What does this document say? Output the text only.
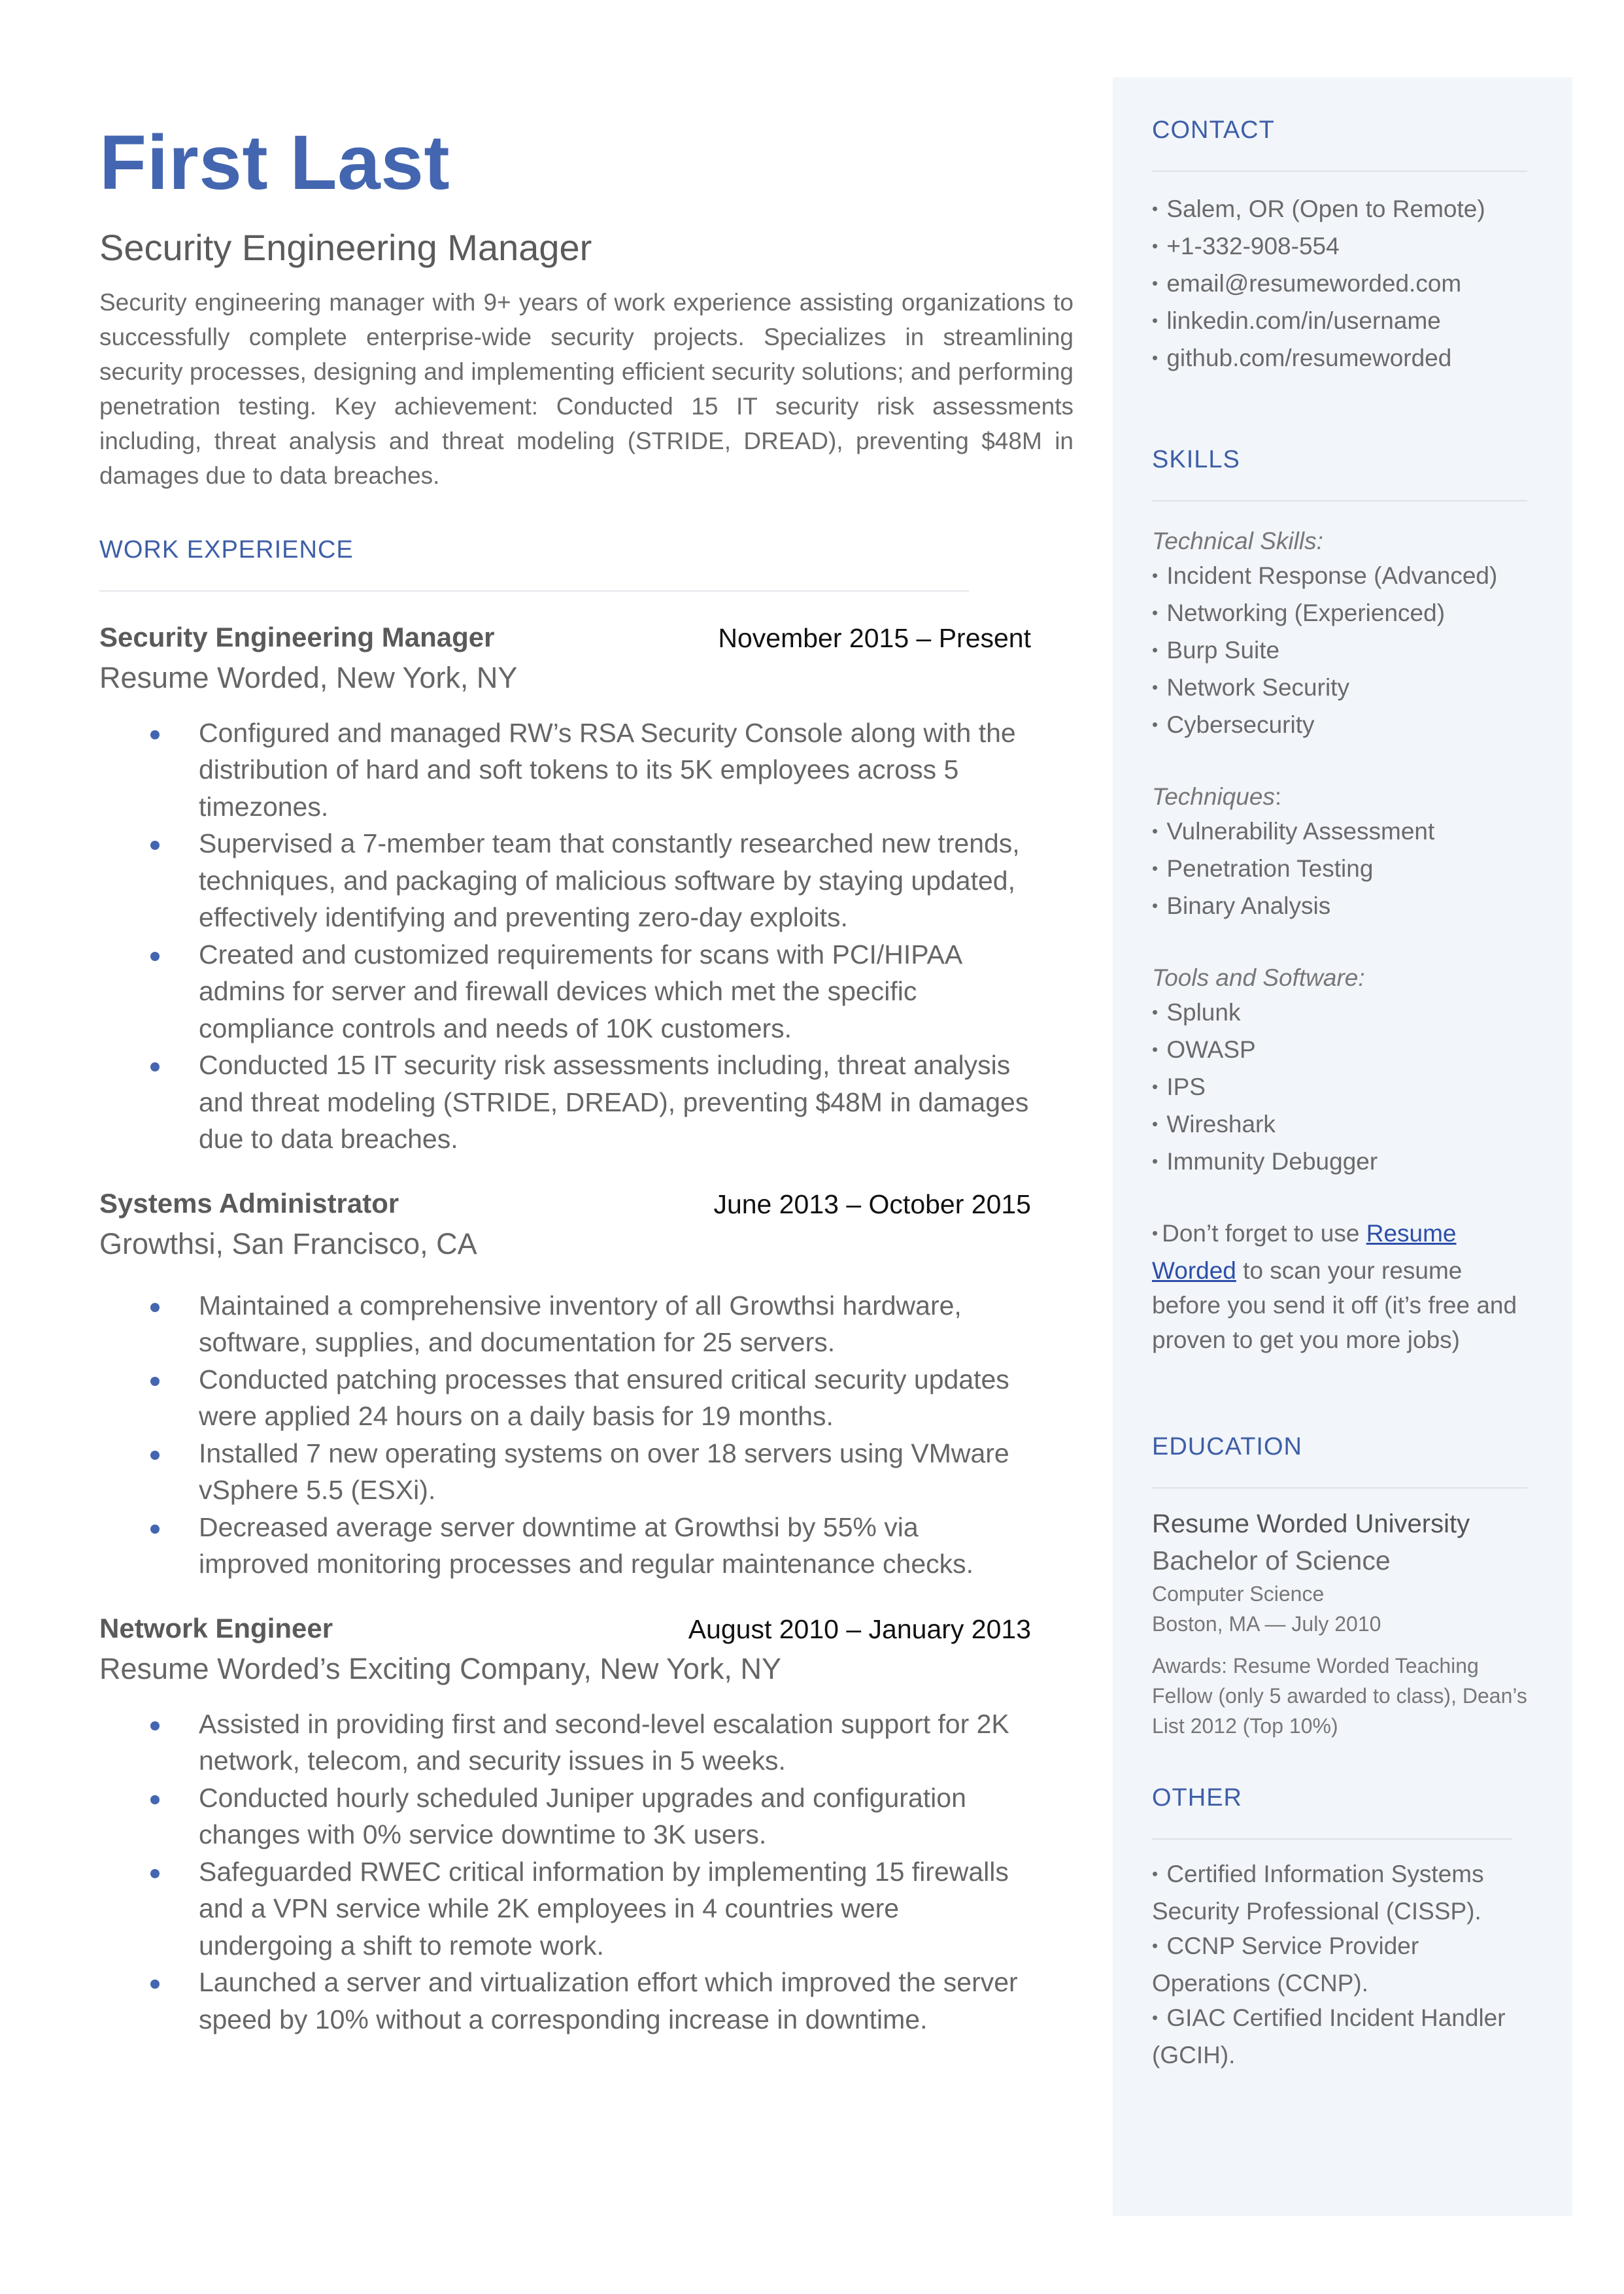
First Last
Security Engineering Manager
Security engineering manager with 9+ years of work experience assisting organizations to successfully complete enterprise-wide security projects. Specializes in streamlining security processes, designing and implementing efficient security solutions; and performing penetration testing. Key achievement: Conducted 15 IT security risk assessments including, threat analysis and threat modeling (STRIDE, DREAD), preventing $48M in damages due to data breaches.
WORK EXPERIENCE
Security Engineering Manager	November 2015 – Present
Resume Worded, New York, NY
Configured and managed RW’s RSA Security Console along with the distribution of hard and soft tokens to its 5K employees across 5 timezones.
Supervised a 7-member team that constantly researched new trends, techniques, and packaging of malicious software by staying updated, effectively identifying and preventing zero-day exploits.
Created and customized requirements for scans with PCI/HIPAA admins for server and firewall devices which met the specific compliance controls and needs of 10K customers.
Conducted 15 IT security risk assessments including, threat analysis and threat modeling (STRIDE, DREAD), preventing $48M in damages due to data breaches.
Systems Administrator	June 2013 – October 2015
Growthsi, San Francisco, CA
Maintained a comprehensive inventory of all Growthsi hardware, software, supplies, and documentation for 25 servers.
Conducted patching processes that ensured critical security updates were applied 24 hours on a daily basis for 19 months.
Installed 7 new operating systems on over 18 servers using VMware vSphere 5.5 (ESXi).
Decreased average server downtime at Growthsi by 55% via improved monitoring processes and regular maintenance checks.
Network Engineer	August 2010 – January 2013
Resume Worded’s Exciting Company, New York, NY
Assisted in providing first and second-level escalation support for 2K network, telecom, and security issues in 5 weeks.
Conducted hourly scheduled Juniper upgrades and configuration changes with 0% service downtime to 3K users.
Safeguarded RWEC critical information by implementing 15 firewalls and a VPN service while 2K employees in 4 countries were undergoing a shift to remote work.
Launched a server and virtualization effort which improved the server speed by 10% without a corresponding increase in downtime.
CONTACT
• Salem, OR (Open to Remote)
• +1-332-908-554
• email@resumeworded.com
• linkedin.com/in/username
• github.com/resumeworded
SKILLS
Technical Skills:
• Incident Response (Advanced)
• Networking (Experienced)
• Burp Suite
• Network Security
• Cybersecurity
Techniques:
• Vulnerability Assessment
• Penetration Testing
• Binary Analysis
Tools and Software:
• Splunk
• OWASP
• IPS
• Wireshark
• Immunity Debugger
• Don’t forget to use Resume Worded to scan your resume before you send it off (it’s free and proven to get you more jobs)
EDUCATION
Resume Worded University
Bachelor of Science
Computer Science
Boston, MA — July 2010
Awards: Resume Worded Teaching Fellow (only 5 awarded to class), Dean’s List 2012 (Top 10%)
OTHER
• Certified Information Systems Security Professional (CISSP).
• CCNP Service Provider Operations (CCNP).
• GIAC Certified Incident Handler (GCIH).
